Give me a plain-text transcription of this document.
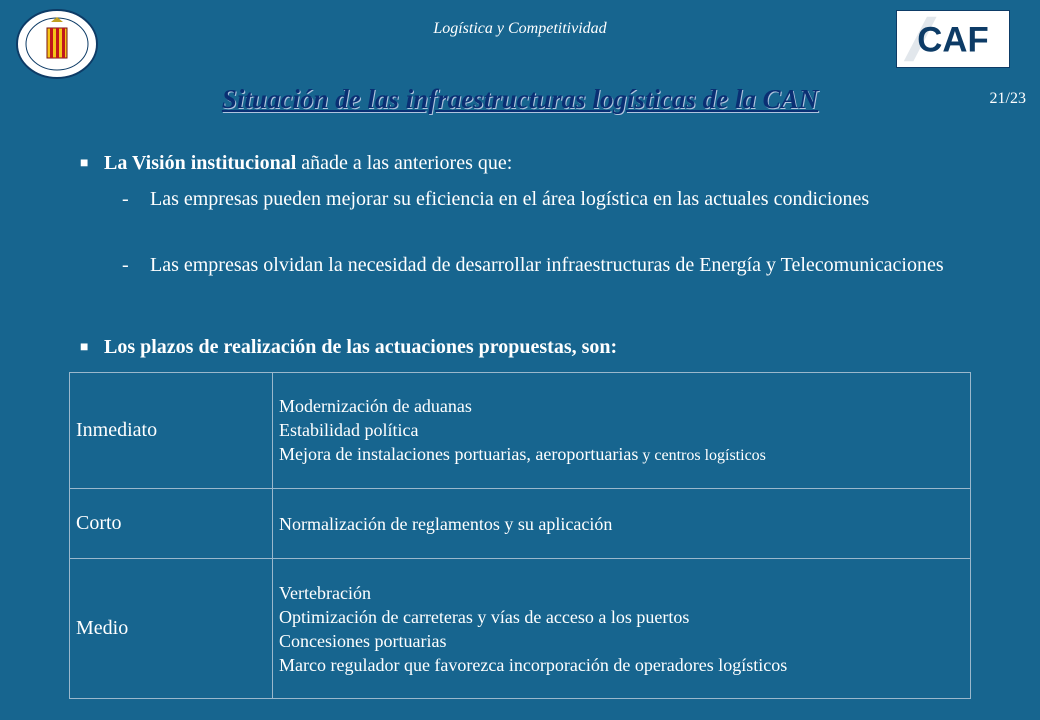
Logística y Competitividad	CAF
21/23
Situación de las infraestructuras logísticas de la CAN
■ La Visión institucional añade a las anteriores que:
-	Las empresas pueden mejorar su eficiencia en el área logística en las actuales condiciones
-	Las empresas olvidan la necesidad de desarrollar infraestructuras de Energía y Telecomunicaciones
■ Los plazos de realización de las actuaciones propuestas, son:
Inmediato	Modernización de aduanas
Estabilidad política
Mejora de instalaciones portuarias, aeroportuarias y centros logísticos

Corto	Normalización de reglamentos y su aplicación

Medio	Vertebración
Optimización de carreteras y vías de acceso a los puertos
Concesiones portuarias
Marco regulador que favorezca incorporación de operadores logísticos
